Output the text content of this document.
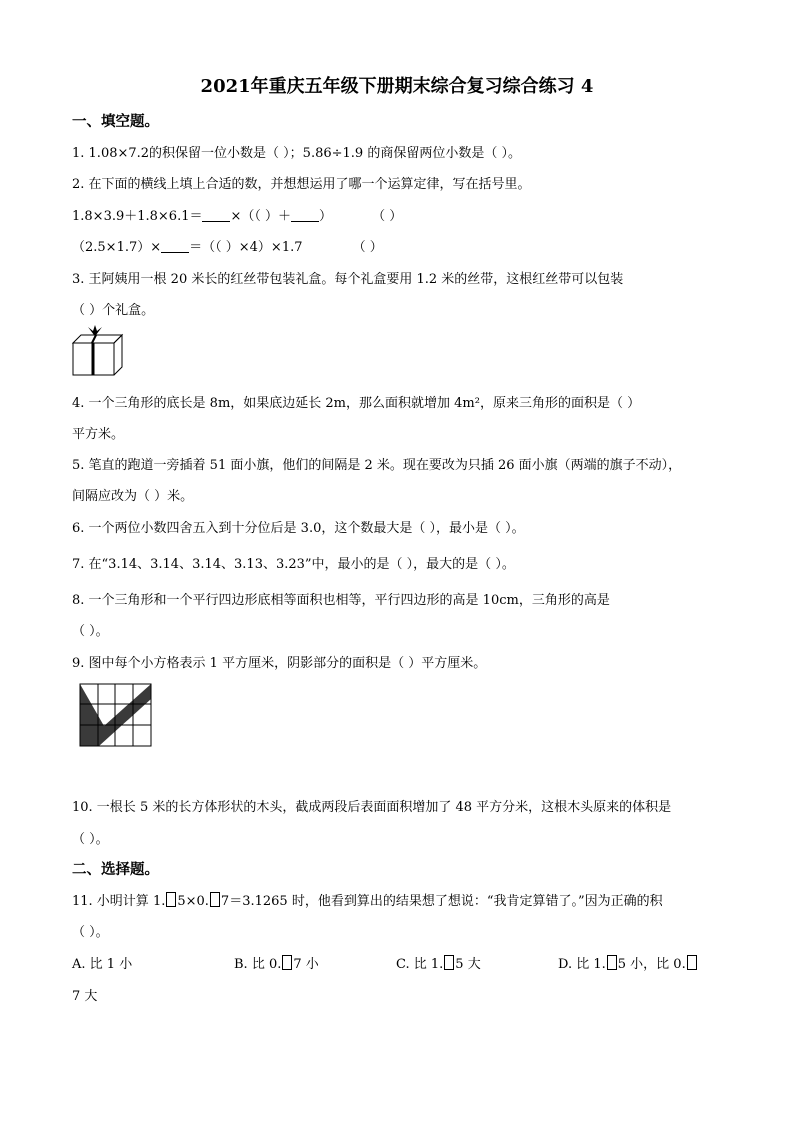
2021年重庆五年级下册期末综合复习综合练习 4
一、填空题。
1. 1.08×7.2的积保留一位小数是（ ）；5.86÷1.9 的商保留两位小数是（ ）。
2. 在下面的横线上填上合适的数，并想想运用了哪一个运算定律，写在括号里。
1.8×3.9＋1.8×6.1＝ ×（（ ）＋ ）	（ ）
（2.5×1.7）× ＝（（ ）×4）×1.7	（ ）
3. 王阿姨用一根 20 米长的红丝带包装礼盒。每个礼盒要用 1.2 米的丝带，这根红丝带可以包装
（ ）个礼盒。
4. 一个三角形的底长是 8m，如果底边延长 2m，那么面积就增加 4m²，原来三角形的面积是（ ）
平方米。
5. 笔直的跑道一旁插着 51 面小旗，他们的间隔是 2 米。现在要改为只插 26 面小旗（两端的旗子不动），
间隔应改为（ ）米。
6. 一个两位小数四舍五入到十分位后是 3.0，这个数最大是（ ），最小是（ ）。
7. 在“3.14、3.14、3.14、3.13、3.23”中，最小的是（ ），最大的是（ ）。
8. 一个三角形和一个平行四边形底相等面积也相等，平行四边形的高是 10cm，三角形的高是
（ ）。
9. 图中每个小方格表示 1 平方厘米，阴影部分的面积是（ ）平方厘米。
10. 一根长 5 米的长方体形状的木头，截成两段后表面面积增加了 48 平方分米，这根木头原来的体积是
（ ）。
二、选择题。
11. 小明计算 1. 5×0. 7＝3.1265 时，他看到算出的结果想了想说：“我肯定算错了。”因为正确的积
（ ）。
A. 比 1 小	B. 比 0. 7 小	C. 比 1. 5 大	D. 比 1. 5 小，比 0.
7 大
